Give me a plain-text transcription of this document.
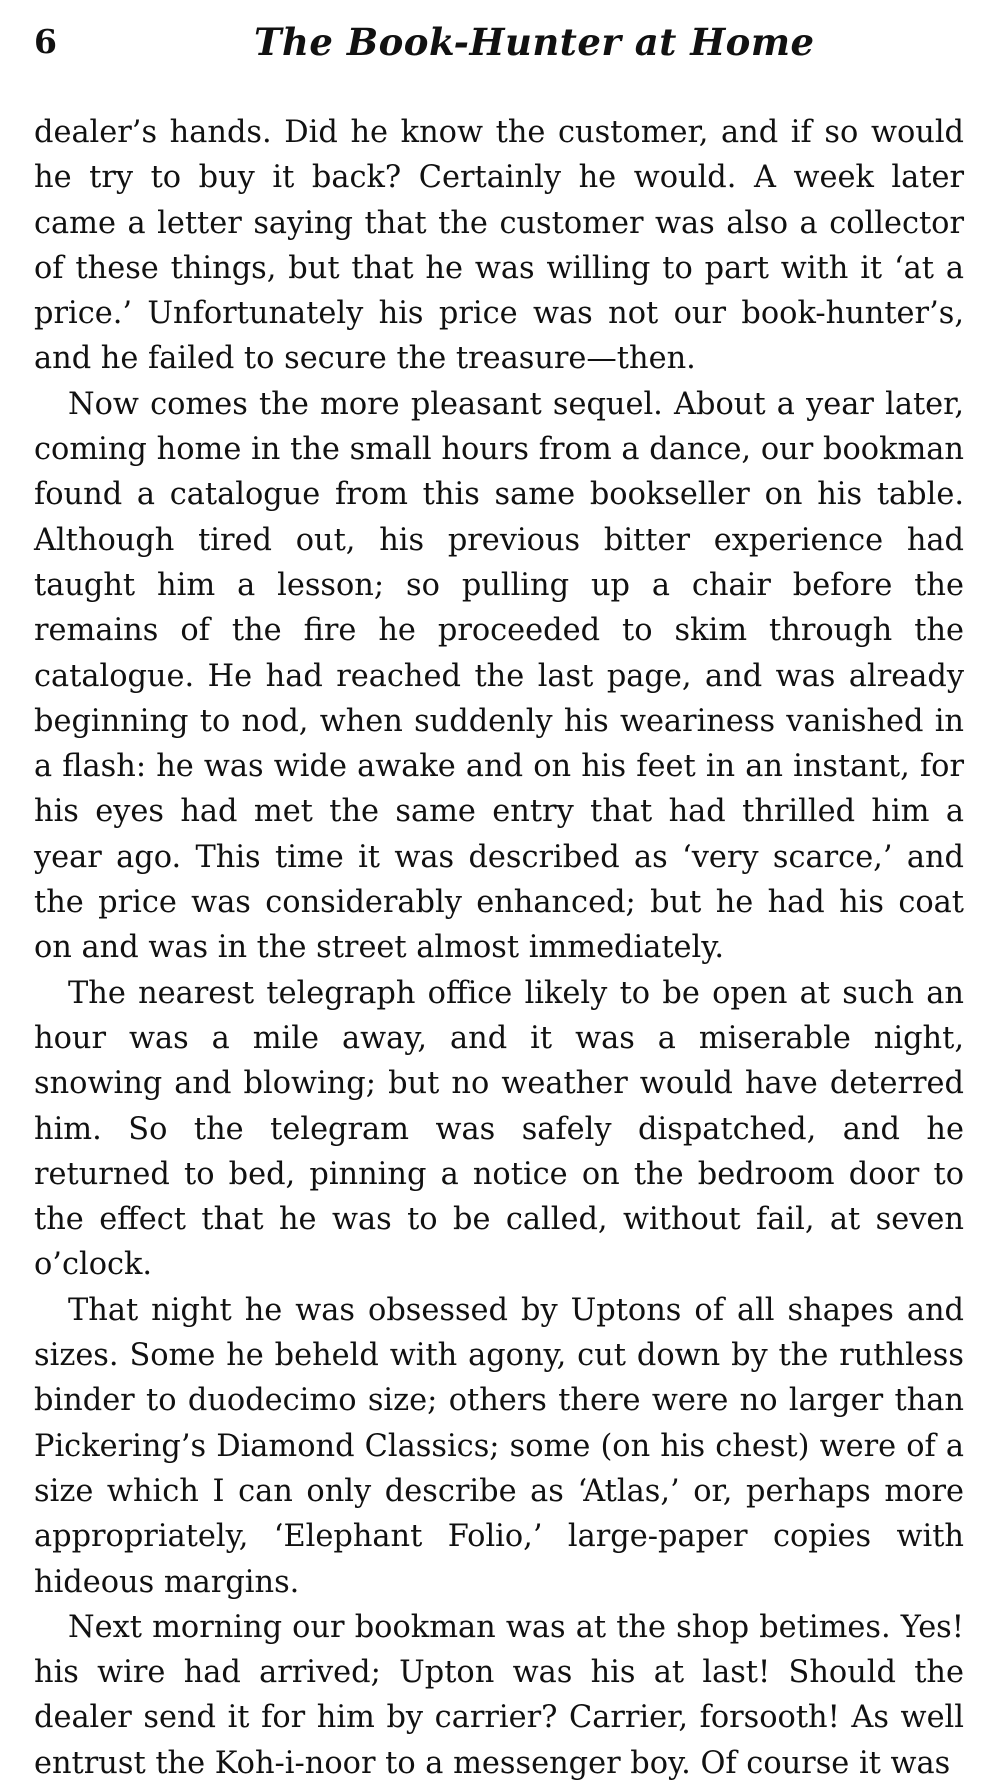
6	The Book-Hunter at Home

dealer’s hands. Did he know the customer, and if so would he try to buy it back? Certainly he would. A week later came a letter saying that the customer was also a collector of these things, but that he was willing to part with it ‘at a price.’ Unfortunately his price was not our book-hunter’s, and he failed to secure the treasure—then.

Now comes the more pleasant sequel. About a year later, coming home in the small hours from a dance, our bookman found a catalogue from this same bookseller on his table. Although tired out, his previous bitter experience had taught him a lesson; so pulling up a chair before the remains of the fire he proceeded to skim through the catalogue. He had reached the last page, and was already beginning to nod, when suddenly his weariness vanished in a flash: he was wide awake and on his feet in an instant, for his eyes had met the same entry that had thrilled him a year ago. This time it was described as ‘very scarce,’ and the price was considerably enhanced; but he had his coat on and was in the street almost immediately.

The nearest telegraph office likely to be open at such an hour was a mile away, and it was a miserable night, snowing and blowing; but no weather would have deterred him. So the telegram was safely dispatched, and he returned to bed, pinning a notice on the bedroom door to the effect that he was to be called, without fail, at seven o’clock.

That night he was obsessed by Uptons of all shapes and sizes. Some he beheld with agony, cut down by the ruthless binder to duodecimo size; others there were no larger than Pickering’s Diamond Classics; some (on his chest) were of a size which I can only describe as ‘Atlas,’ or, perhaps more appropriately, ‘Elephant Folio,’ large-paper copies with hideous margins.

Next morning our bookman was at the shop betimes. Yes! his wire had arrived; Upton was his at last! Should the dealer send it for him by carrier? Carrier, forsooth! As well entrust the Koh-i-noor to a messenger boy. Of course it was
